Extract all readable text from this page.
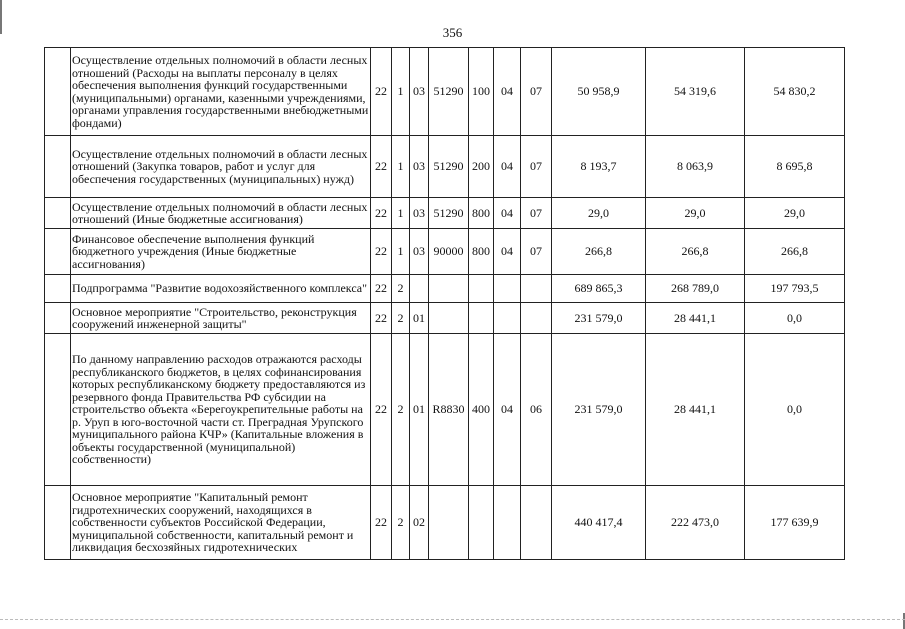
356
	Осуществление отдельных полномочий в области лесных отношений (Расходы на выплаты персоналу в целях обеспечения выполнения функций государственными (муниципальными) органами, казенными учреждениями, органами управления государственными внебюджетными фондами)	22	1	03	51290	100	04	07	50 958,9	54 319,6	54 830,2
	Осуществление отдельных полномочий в области лесных отношений (Закупка товаров, работ и услуг для обеспечения государственных (муниципальных) нужд)	22	1	03	51290	200	04	07	8 193,7	8 063,9	8 695,8
	Осуществление отдельных полномочий в области лесных отношений (Иные бюджетные ассигнования)	22	1	03	51290	800	04	07	29,0	29,0	29,0
	Финансовое обеспечение выполнения функций бюджетного учреждения (Иные бюджетные ассигнования)	22	1	03	90000	800	04	07	266,8	266,8	266,8
	Подпрограмма "Развитие водохозяйственного комплекса"	22	2						689 865,3	268 789,0	197 793,5
	Основное мероприятие "Строительство, реконструкция сооружений инженерной защиты"	22	2	01					231 579,0	28 441,1	0,0
	По данному направлению расходов отражаются расходы республиканского бюджетов, в целях софинансирования которых республиканскому бюджету предоставляются из резервного фонда Правительства РФ субсидии на строительство объекта «Берегоукрепительные работы на р. Уруп в юго-восточной части ст. Преградная Урупского муниципального района КЧР» (Капитальные вложения в объекты государственной (муниципальной) собственности)	22	2	01	R8830	400	04	06	231 579,0	28 441,1	0,0
	Основное мероприятие "Капитальный ремонт гидротехнических сооружений, находящихся в собственности субъектов Российской Федерации, муниципальной собственности, капитальный ремонт и ликвидация бесхозяйных гидротехнических	22	2	02					440 417,4	222 473,0	177 639,9
